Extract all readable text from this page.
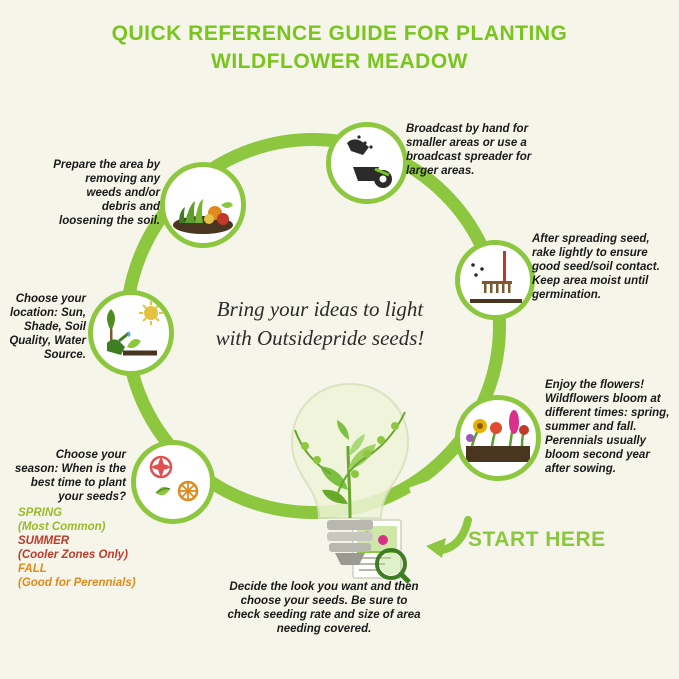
QUICK REFERENCE GUIDE FOR PLANTING
WILDFLOWER MEADOW
Prepare the area by removing any weeds and/or debris and loosening the soil.
Broadcast by hand for smaller areas or use a broadcast spreader for larger areas.
After spreading seed, rake lightly to ensure good seed/soil contact. Keep area moist until germination.
Enjoy the flowers! Wildflowers bloom at different times: spring, summer and fall. Perennials usually bloom second year after sowing.
Decide the look you want and then choose your seeds. Be sure to check seeding rate and size of area needing covered.
Choose your season: When is the best time to plant your seeds?
SPRING
(Most Common)
SUMMER
(Cooler Zones Only)
FALL
(Good for Perennials)
Choose your location: Sun, Shade, Soil Quality, Water Source.
Bring your ideas to light
with Outsidepride seeds!
START HERE
